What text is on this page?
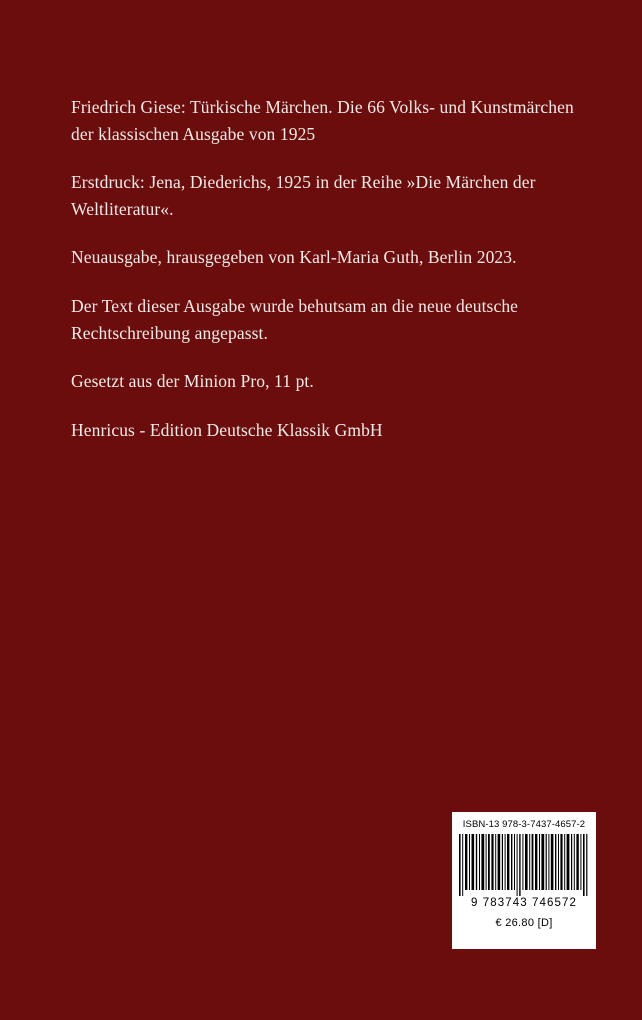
Friedrich Giese: Türkische Märchen. Die 66 Volks- und Kunstmärchen der klassischen Ausgabe von 1925

Erstdruck: Jena, Diederichs, 1925 in der Reihe »Die Märchen der Weltliteratur«.

Neuausgabe, hrausgegeben von Karl-Maria Guth, Berlin 2023.

Der Text dieser Ausgabe wurde behutsam an die neue deutsche Rechtschreibung angepasst.

Gesetzt aus der Minion Pro, 11 pt.

Henricus - Edition Deutsche Klassik GmbH

ISBN-13 978-3-7437-4657-2
9 783743 746572
€ 26.80 [D]
